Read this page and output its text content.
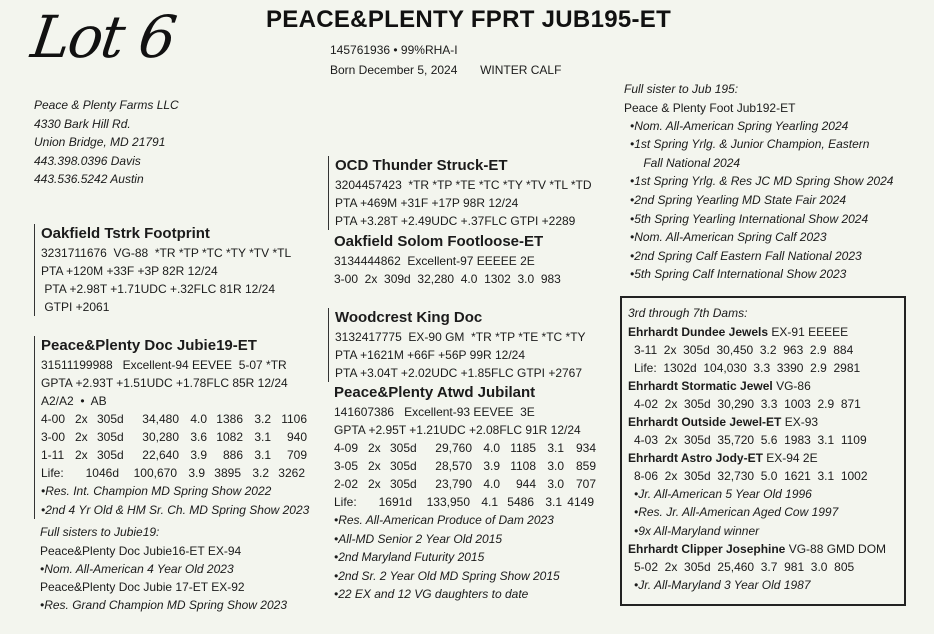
Lot 6	PEACE&PLENTY FPRT JUB195-ET
145761936 • 99%RHA-I
Born December 5, 2024 WINTER CALF
Peace & Plenty Farms LLC
4330 Bark Hill Rd.
Union Bridge, MD 21791
443.398.0396 Davis
443.536.5242 Austin
Oakfield Tstrk Footprint
3231711676  VG-88  *TR *TP *TC *TY *TV *TL
PTA +120M +33F +3P 82R 12/24
PTA +2.98T +1.71UDC +.32FLC 81R 12/24
GTPI +2061
Peace&Plenty Doc Jubie19-ET
31511199988   Excellent-94 EEVEE  5-07 *TR
GPTA +2.93T +1.51UDC +1.78FLC 85R 12/24
A2/A2  •  AB
4-00 2x 305d	34,480 4.0 1386 3.2 1106
3-00 2x 305d	30,280 3.6 1082 3.1	940
1-11 2x 305d	22,640 3.9	886 3.1	709
Life:	1046d	100,670 3.9 3895 3.2 3262
•Res. Int. Champion MD Spring Show 2022
•2nd 4 Yr Old & HM Sr. Ch. MD Spring Show 2023
Full sisters to Jubie19:
Peace&Plenty Doc Jubie16-ET EX-94
•Nom. All-American 4 Year Old 2023
Peace&Plenty Doc Jubie 17-ET EX-92
•Res. Grand Champion MD Spring Show 2023
OCD Thunder Struck-ET
3204457423  *TR *TP *TE *TC *TY *TV *TL *TD
PTA +469M +31F +17P 98R 12/24
PTA +3.28T +2.49UDC +.37FLC GTPI +2289
Oakfield Solom Footloose-ET
3134444862  Excellent-97 EEEEE 2E
3-00  2x  309d  32,280  4.0  1302  3.0  983
Woodcrest King Doc
3132417775  EX-90 GM  *TR *TP *TE *TC *TY
PTA +1621M +66F +56P 99R 12/24
PTA +3.04T +2.02UDC +1.85FLC GTPI +2767
Peace&Plenty Atwd Jubilant
141607386   Excellent-93 EEVEE  3E
GPTA +2.95T +1.21UDC +2.08FLC 91R 12/24
4-09 2x 305d	29,760 4.0 1185 3.1 934
3-05 2x 305d	28,570 3.9 1108 3.0 859
2-02 2x 305d	23,790 4.0	944 3.0 707
Life:	1691d	133,950 4.1 5486 3.1 4149
•Res. All-American Produce of Dam 2023
•All-MD Senior 2 Year Old 2015
•2nd Maryland Futurity 2015
•2nd Sr. 2 Year Old MD Spring Show 2015
•22 EX and 12 VG daughters to date
Full sister to Jub 195:
Peace & Plenty Foot Jub192-ET
•Nom. All-American Spring Yearling 2024
•1st Spring Yrlg. & Junior Champion, Eastern
Fall National 2024
•1st Spring Yrlg. & Res JC MD Spring Show 2024
•2nd Spring Yearling MD State Fair 2024
•5th Spring Yearling International Show 2024
•Nom. All-American Spring Calf 2023
•2nd Spring Calf Eastern Fall National 2023
•5th Spring Calf International Show 2023
3rd through 7th Dams:
Ehrhardt Dundee Jewels EX-91 EEEEE
3-11  2x  305d  30,450  3.2  963  2.9  884
Life:  1302d  104,030  3.3  3390  2.9  2981
Ehrhardt Stormatic Jewel VG-86
4-02  2x  305d  30,290  3.3  1003  2.9  871
Ehrhardt Outside Jewel-ET EX-93
4-03  2x  305d  35,720  5.6  1983  3.1  1109
Ehrhardt Astro Jody-ET EX-94 2E
8-06  2x  305d  32,730  5.0  1621  3.1  1002
•Jr. All-American 5 Year Old 1996
•Res. Jr. All-American Aged Cow 1997
•9x All-Maryland winner
Ehrhardt Clipper Josephine VG-88 GMD DOM
5-02  2x  305d  25,460  3.7  981  3.0  805
•Jr. All-Maryland 3 Year Old 1987
